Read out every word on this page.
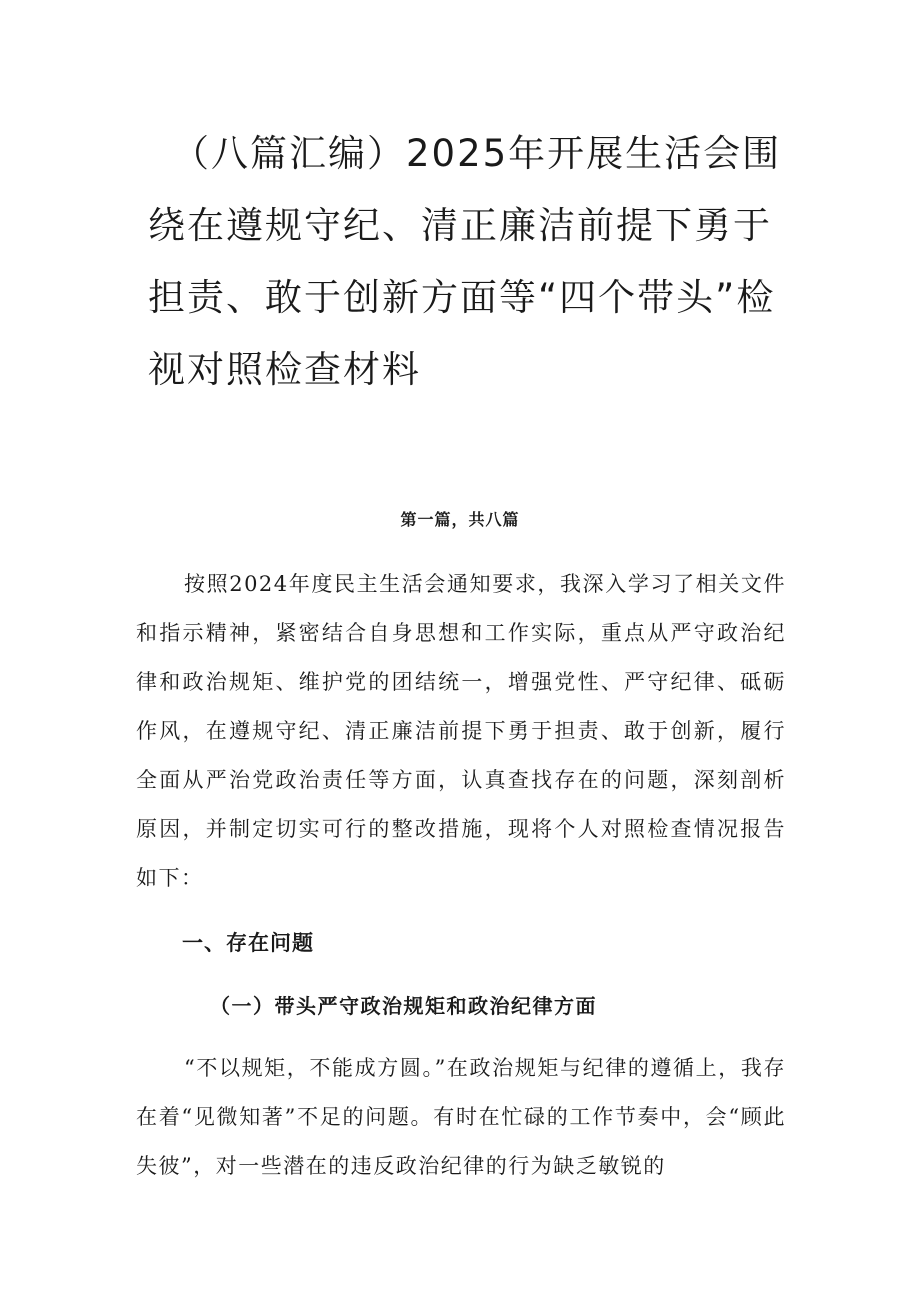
（八篇汇编）2025年开展生活会围绕在遵规守纪、清正廉洁前提下勇于担责、敢于创新方面等“四个带头”检视对照检查材料

第一篇，共八篇

按照2024年度民主生活会通知要求，我深入学习了相关文件和指示精神，紧密结合自身思想和工作实际，重点从严守政治纪律和政治规矩、维护党的团结统一，增强党性、严守纪律、砥砺作风，在遵规守纪、清正廉洁前提下勇于担责、敢于创新，履行全面从严治党政治责任等方面，认真查找存在的问题，深刻剖析原因，并制定切实可行的整改措施，现将个人对照检查情况报告如下：

一、存在问题
（一）带头严守政治规矩和政治纪律方面

“不以规矩，不能成方圆。”在政治规矩与纪律的遵循上，我存在着“见微知著”不足的问题。有时在忙碌的工作节奏中，会“顾此失彼”，对一些潜在的违反政治纪律的行为缺乏敏锐的
